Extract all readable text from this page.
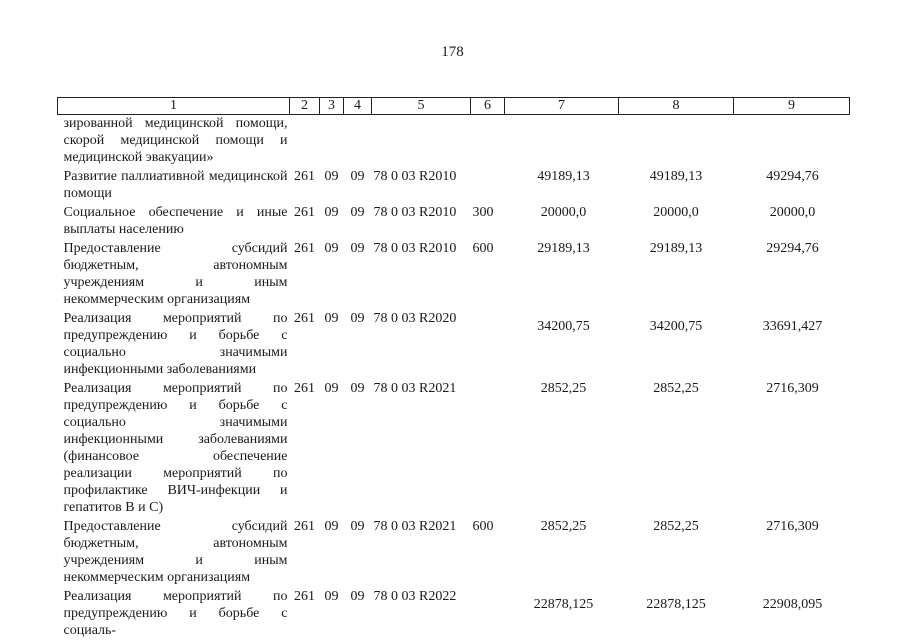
178
1	2	3	4	5	6	7	8	9
зированной медицинской помощи, скорой медицинской помощи и медицинской эвакуации»								
Развитие паллиативной медицинской помощи	261	09	09	78 0 03 R2010		49189,13	49189,13	49294,76
Социальное обеспечение и иные выплаты населению	261	09	09	78 0 03 R2010	300	20000,0	20000,0	20000,0
Предоставление субсидий бюджетным, автономным учреждениям и иным некоммерческим организациям	261	09	09	78 0 03 R2010	600	29189,13	29189,13	29294,76
Реализация мероприятий по предупреждению и борьбе с социально значимыми инфекционными заболеваниями	261	09	09	78 0 03 R2020		34200,75	34200,75	33691,427
Реализация мероприятий по предупреждению и борьбе с социально значимыми инфекционными заболеваниями (финансовое обеспечение реализации мероприятий по профилактике ВИЧ-инфекции и гепатитов В и С)	261	09	09	78 0 03 R2021		2852,25	2852,25	2716,309
Предоставление субсидий бюджетным, автономным учреждениям и иным некоммерческим организациям	261	09	09	78 0 03 R2021	600	2852,25	2852,25	2716,309
Реализация мероприятий по предупреждению и борьбе с социаль-	261	09	09	78 0 03 R2022		22878,125	22878,125	22908,095
